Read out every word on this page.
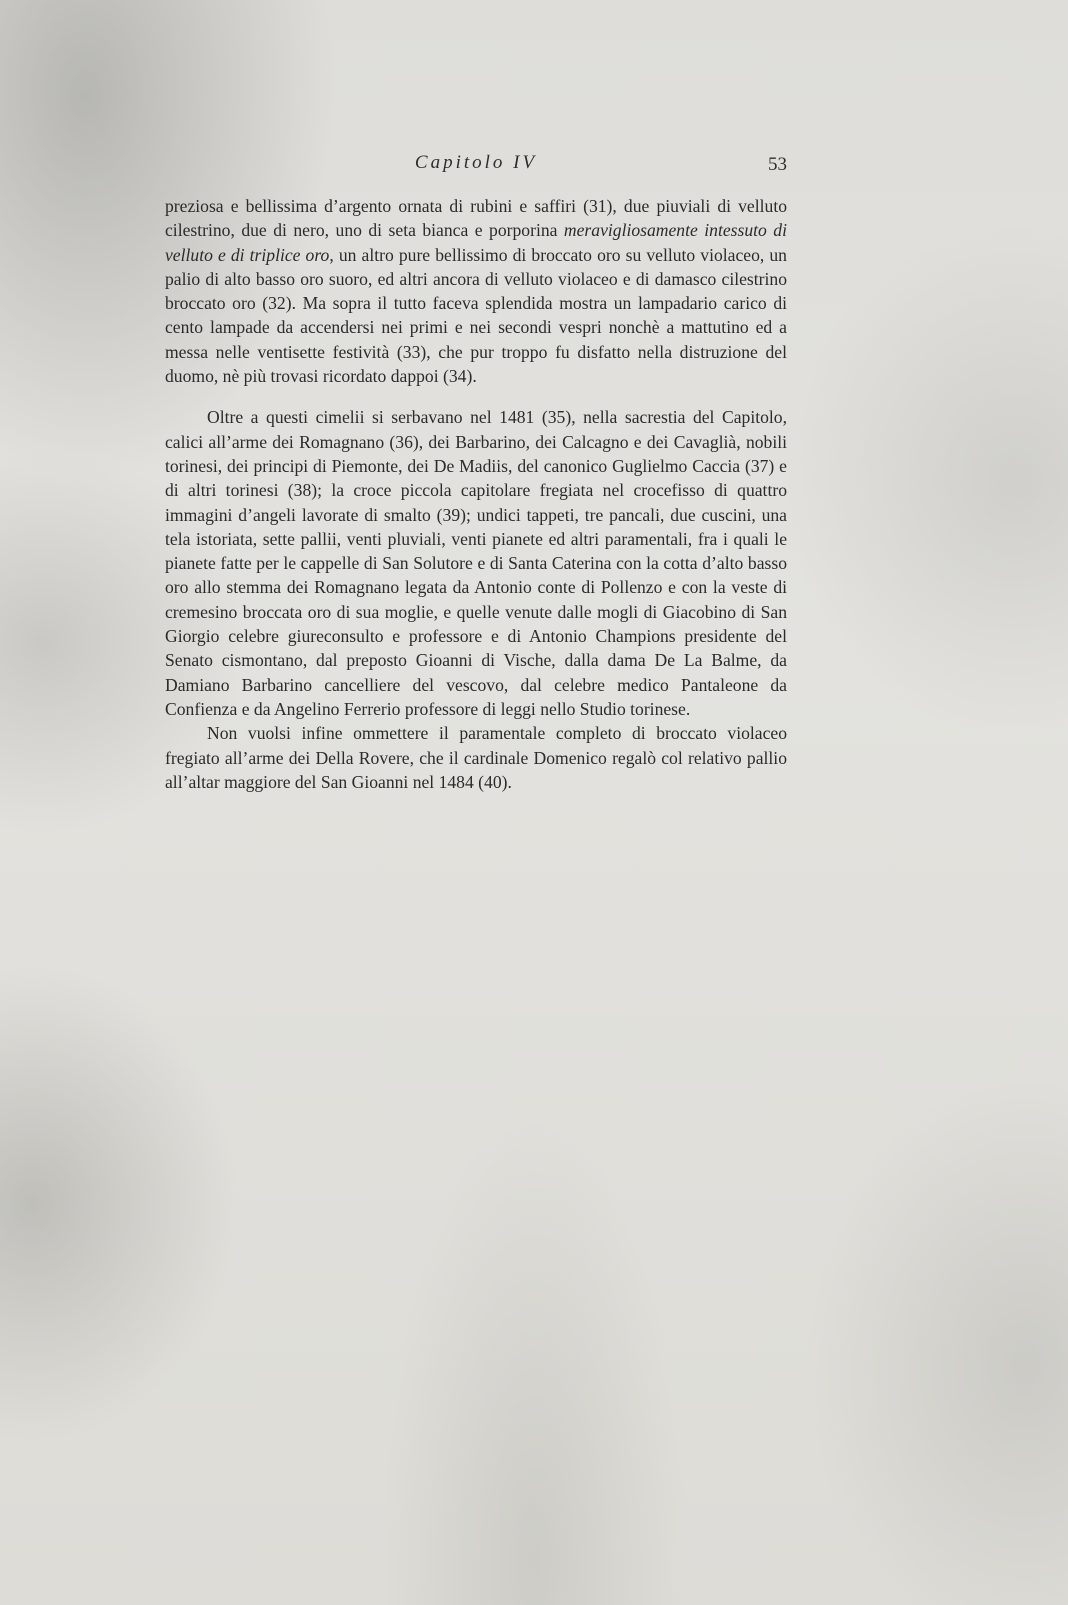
Capitolo IV	53

preziosa e bellissima d’argento ornata di rubini e saffiri (31), due piuviali di velluto cilestrino, due di nero, uno di seta bianca e porporina meravigliosamente intessuto di velluto e di triplice oro, un altro pure bellissimo di broccato oro su velluto violaceo, un palio di alto basso oro suoro, ed altri ancora di velluto violaceo e di damasco cilestrino broccato oro (32). Ma sopra il tutto faceva splendida mostra un lampadario carico di cento lampade da accendersi nei primi e nei secondi vespri nonchè a mattutino ed a messa nelle ventisette festività (33), che pur troppo fu disfatto nella distruzione del duomo, nè più trovasi ricordato dappoi (34).

Oltre a questi cimelii si serbavano nel 1481 (35), nella sacrestia del Capitolo, calici all’arme dei Romagnano (36), dei Barbarino, dei Calcagno e dei Cavaglià, nobili torinesi, dei principi di Piemonte, dei De Madiis, del canonico Guglielmo Caccia (37) e di altri torinesi (38); la croce piccola capitolare fregiata nel crocefisso di quattro immagini d’angeli lavorate di smalto (39); undici tappeti, tre pancali, due cuscini, una tela istoriata, sette pallii, venti pluviali, venti pianete ed altri paramentali, fra i quali le pianete fatte per le cappelle di San Solutore e di Santa Caterina con la cotta d’alto basso oro allo stemma dei Romagnano legata da Antonio conte di Pollenzo e con la veste di cremesino broccata oro di sua moglie, e quelle venute dalle mogli di Giacobino di San Giorgio celebre giureconsulto e professore e di Antonio Champions presidente del Senato cismontano, dal preposto Gioanni di Vische, dalla dama De La Balme, da Damiano Barbarino cancelliere del vescovo, dal celebre medico Pantaleone da Confienza e da Angelino Ferrerio professore di leggi nello Studio torinese.

Non vuolsi infine ommettere il paramentale completo di broccato violaceo fregiato all’arme dei Della Rovere, che il cardinale Domenico regalò col relativo pallio all’altar maggiore del San Gioanni nel 1484 (40).
